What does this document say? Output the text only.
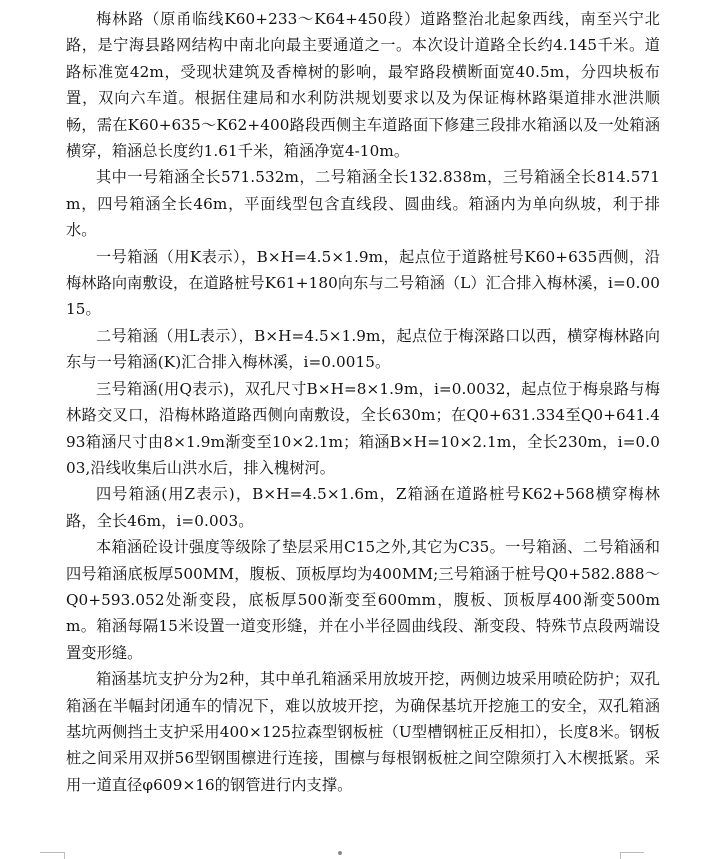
梅林路（原甬临线K60+233～K64+450段）道路整治北起象西线，南至兴宁北路，是宁海县路网结构中南北向最主要通道之一。本次设计道路全长约4.145千米。道路标准宽42m，受现状建筑及香樟树的影响，最窄路段横断面宽40.5m，分四块板布置，双向六车道。根据住建局和水利防洪规划要求以及为保证梅林路渠道排水泄洪顺畅，需在K60+635～K62+400路段西侧主车道路面下修建三段排水箱涵以及一处箱涵横穿，箱涵总长度约1.61千米，箱涵净宽4-10m。

其中一号箱涵全长571.532m，二号箱涵全长132.838m，三号箱涵全长814.571m，四号箱涵全长46m，平面线型包含直线段、圆曲线。箱涵内为单向纵坡，利于排水。

一号箱涵（用K表示），B×H=4.5×1.9m，起点位于道路桩号K60+635西侧，沿梅林路向南敷设，在道路桩号K61+180向东与二号箱涵（L）汇合排入梅林溪，i=0.0015。

二号箱涵（用L表示），B×H=4.5×1.9m，起点位于梅深路口以西，横穿梅林路向东与一号箱涵(K)汇合排入梅林溪，i=0.0015。

三号箱涵(用Q表示)，双孔尺寸B×H=8×1.9m，i=0.0032，起点位于梅泉路与梅林路交叉口，沿梅林路道路西侧向南敷设，全长630m；在Q0+631.334至Q0+641.493箱涵尺寸由8×1.9m渐变至10×2.1m；箱涵B×H=10×2.1m，全长230m，i=0.003,沿线收集后山洪水后，排入槐树河。

四号箱涵(用Z表示)，B×H=4.5×1.6m，Z箱涵在道路桩号K62+568横穿梅林路，全长46m，i=0.003。

本箱涵砼设计强度等级除了垫层采用C15之外,其它为C35。一号箱涵、二号箱涵和四号箱涵底板厚500MM，腹板、顶板厚均为400MM;三号箱涵于桩号Q0+582.888～Q0+593.052处渐变段，底板厚500渐变至600mm，腹板、顶板厚400渐变500mm。箱涵每隔15米设置一道变形缝，并在小半径圆曲线段、渐变段、特殊节点段两端设置变形缝。

箱涵基坑支护分为2种，其中单孔箱涵采用放坡开挖，两侧边坡采用喷砼防护；双孔箱涵在半幅封闭通车的情况下，难以放坡开挖，为确保基坑开挖施工的安全，双孔箱涵基坑两侧挡土支护采用400×125拉森型钢板桩（U型槽钢桩正反相扣），长度8米。钢板桩之间采用双拼56型钢围檩进行连接，围檩与每根钢板桩之间空隙须打入木楔抵紧。采用一道直径φ609×16的钢管进行内支撑。
